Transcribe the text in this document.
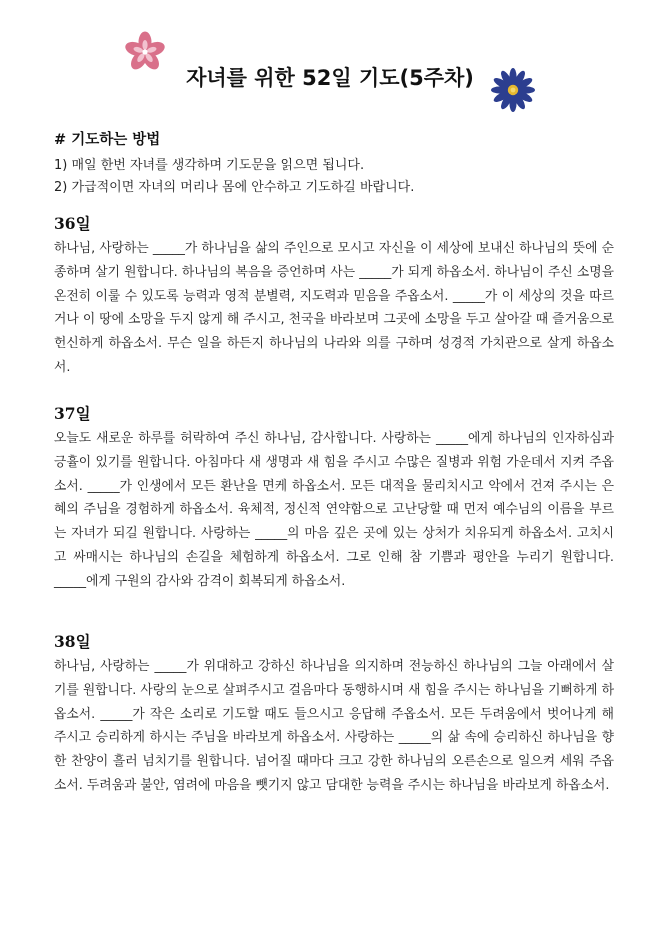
자녀를 위한 52일 기도(5주차)
# 기도하는 방법

1) 매일 한번 자녀를 생각하며 기도문을 읽으면 됩니다.

2) 가급적이면 자녀의 머리나 몸에 안수하고 기도하길 바랍니다.

36일

하나님, 사랑하는 _____가 하나님을 삶의 주인으로 모시고 자신을 이 세상에 보내신 하나님의 뜻에 순종하며 살기 원합니다. 하나님의 복음을 증언하며 사는 _____가 되게 하옵소서. 하나님이 주신 소명을 온전히 이룰 수 있도록 능력과 영적 분별력, 지도력과 믿음을 주옵소서. _____가 이 세상의 것을 따르거나 이 땅에 소망을 두지 않게 해 주시고, 천국을 바라보며 그곳에 소망을 두고 살아갈 때 즐거움으로 헌신하게 하옵소서. 무슨 일을 하든지 하나님의 나라와 의를 구하며 성경적 가치관으로 살게 하옵소서.

37일

오늘도 새로운 하루를 허락하여 주신 하나님, 감사합니다. 사랑하는 _____에게 하나님의 인자하심과 긍휼이 있기를 원합니다. 아침마다 새 생명과 새 힘을 주시고 수많은 질병과 위험 가운데서 지켜 주옵소서. _____가 인생에서 모든 환난을 면케 하옵소서. 모든 대적을 물리치시고 악에서 건져 주시는 은혜의 주님을 경험하게 하옵소서. 육체적, 정신적 연약함으로 고난당할 때 먼저 예수님의 이름을 부르는 자녀가 되길 원합니다. 사랑하는 _____의 마음 깊은 곳에 있는 상처가 치유되게 하옵소서. 고치시고 싸매시는 하나님의 손길을 체험하게 하옵소서. 그로 인해 참 기쁨과 평안을 누리기 원합니다. _____에게 구원의 감사와 감격이 회복되게 하옵소서.

38일

하나님, 사랑하는 _____가 위대하고 강하신 하나님을 의지하며 전능하신 하나님의 그늘 아래에서 살기를 원합니다. 사랑의 눈으로 살펴주시고 걸음마다 동행하시며 새 힘을 주시는 하나님을 기뻐하게 하옵소서. _____가 작은 소리로 기도할 때도 들으시고 응답해 주옵소서. 모든 두려움에서 벗어나게 해 주시고 승리하게 하시는 주님을 바라보게 하옵소서. 사랑하는 _____의 삶 속에 승리하신 하나님을 향한 찬양이 흘러 넘치기를 원합니다. 넘어질 때마다 크고 강한 하나님의 오른손으로 일으켜 세워 주옵소서. 두려움과 불안, 염려에 마음을 뺏기지 않고 담대한 능력을 주시는 하나님을 바라보게 하옵소서.
